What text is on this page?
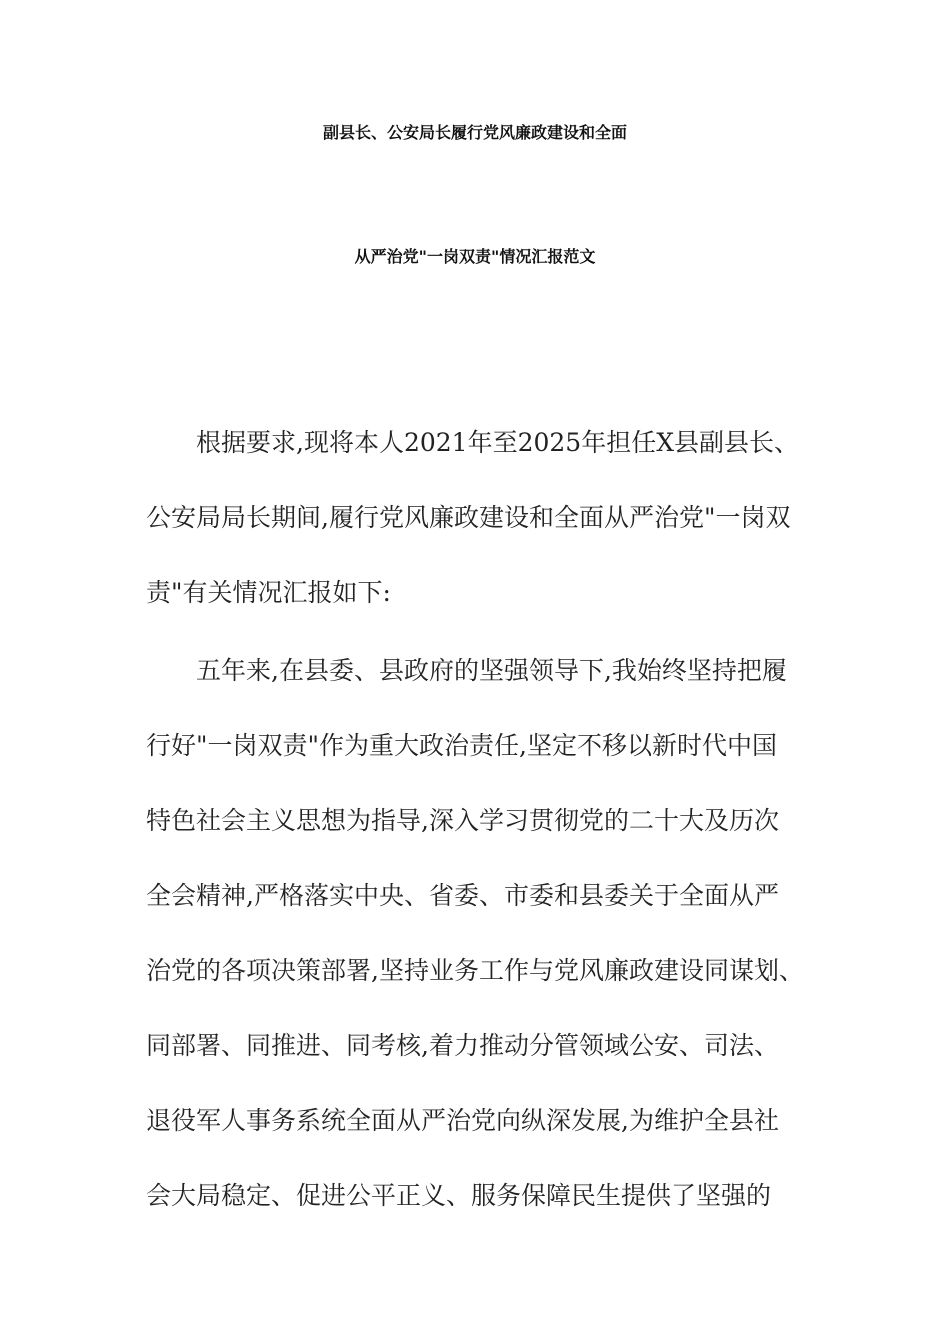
副县长、公安局长履行党风廉政建设和全面
从严治党"一岗双责"情况汇报范文
根据要求,现将本人2021年至2025年担任X县副县长、
公安局局长期间,履行党风廉政建设和全面从严治党"一岗双
责"有关情况汇报如下:
五年来,在县委、县政府的坚强领导下,我始终坚持把履
行好"一岗双责"作为重大政治责任,坚定不移以新时代中国
特色社会主义思想为指导,深入学习贯彻党的二十大及历次
全会精神,严格落实中央、省委、市委和县委关于全面从严
治党的各项决策部署,坚持业务工作与党风廉政建设同谋划、
同部署、同推进、同考核,着力推动分管领域公安、司法、
退役军人事务系统全面从严治党向纵深发展,为维护全县社
会大局稳定、促进公平正义、服务保障民生提供了坚强的
